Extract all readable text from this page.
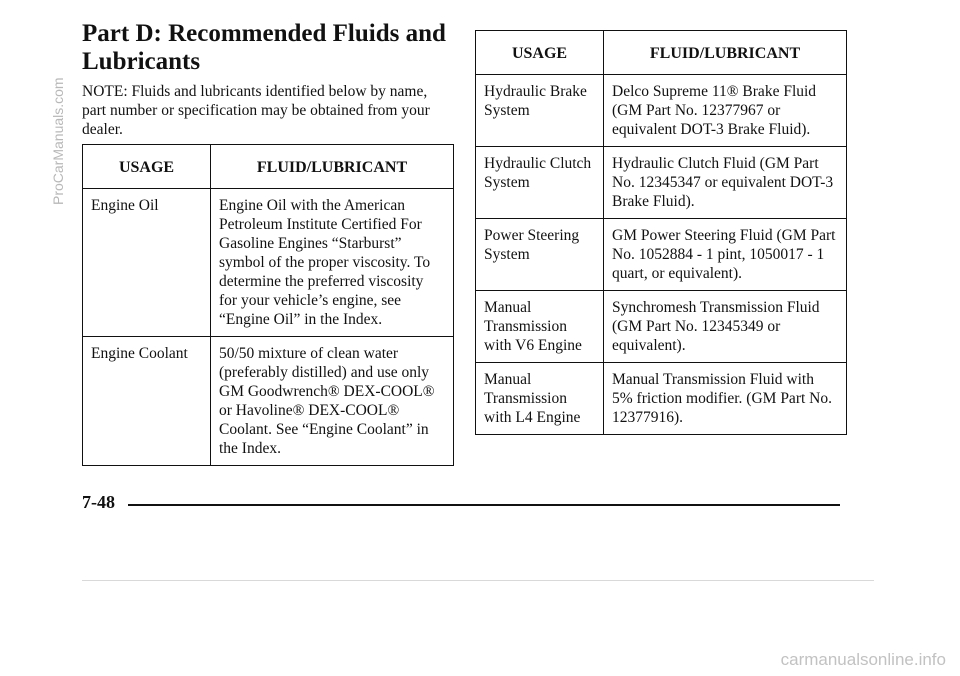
Part D: Recommended Fluids and Lubricants

NOTE: Fluids and lubricants identified below by name, part number or specification may be obtained from your dealer.

USAGE	FLUID/LUBRICANT
Engine Oil	Engine Oil with the American Petroleum Institute Certified For Gasoline Engines “Starburst” symbol of the proper viscosity. To determine the preferred viscosity for your vehicle’s engine, see “Engine Oil” in the Index.
Engine Coolant	50/50 mixture of clean water (preferably distilled) and use only GM Goodwrench® DEX-COOL® or Havoline® DEX-COOL® Coolant. See “Engine Coolant” in the Index.
USAGE	FLUID/LUBRICANT
Hydraulic Brake System	Delco Supreme 11® Brake Fluid (GM Part No. 12377967 or equivalent DOT-3 Brake Fluid).
Hydraulic Clutch System	Hydraulic Clutch Fluid (GM Part No. 12345347 or equivalent DOT-3 Brake Fluid).
Power Steering System	GM Power Steering Fluid (GM Part No. 1052884 - 1 pint, 1050017 - 1 quart, or equivalent).
Manual Transmission with V6 Engine	Synchromesh Transmission Fluid (GM Part No. 12345349 or equivalent).
Manual Transmission with L4 Engine	Manual Transmission Fluid with 5% friction modifier. (GM Part No. 12377916).
7-48
ProCarManuals.com
carmanualsonline.info
